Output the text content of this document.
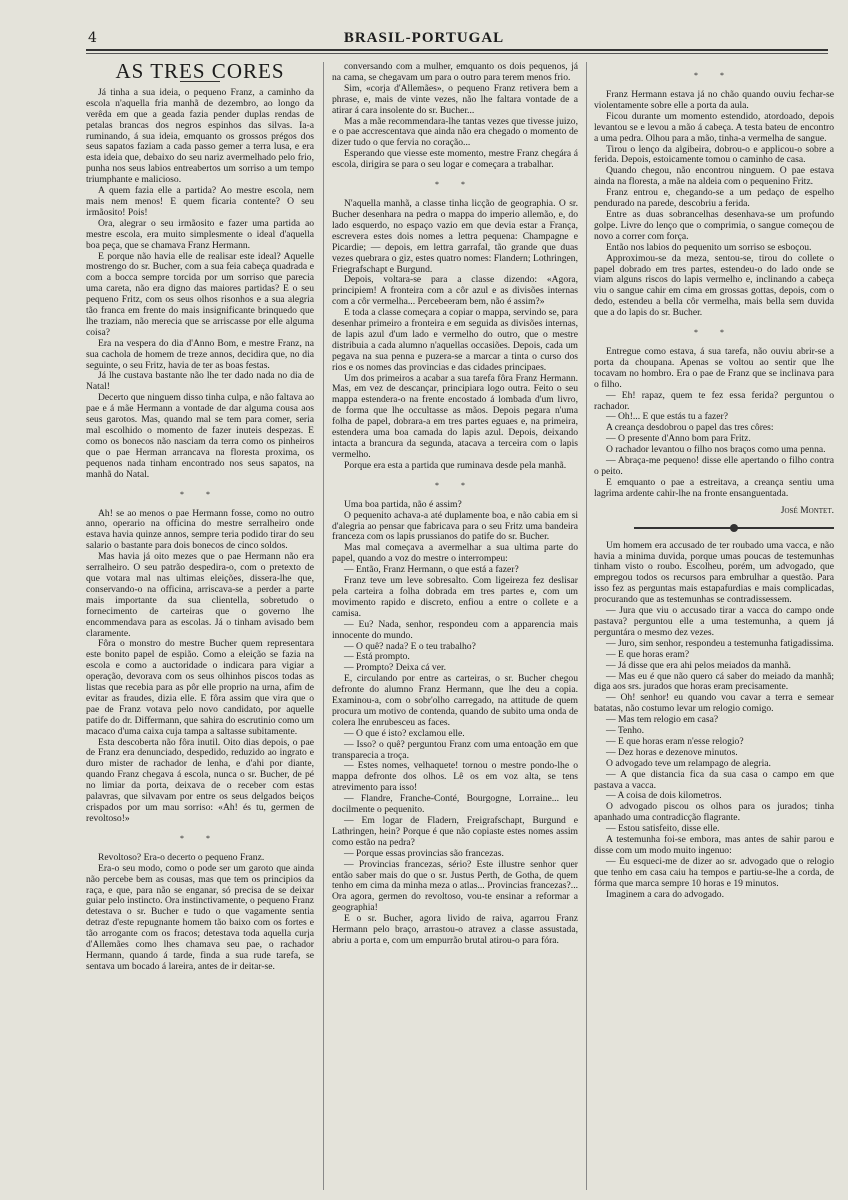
4	BRASIL-PORTUGAL
AS TRES CORES

Já tinha a sua ideia, o pequeno Franz, a caminho da escola n'aquella fria manhã de dezembro, ao longo da verêda em que a geada fazia pender duplas rendas de petalas brancas dos negros espinhos das silvas. Ia-a ruminando, á sua ideia, emquanto os grossos prégos dos seus sapatos faziam a cada passo gemer a terra lusa, e era esta ideia que, debaixo do seu nariz avermelhado pelo frio, punha nos seus labios entreabertos um sorriso a um tempo triumphante e malicioso.

A quem fazia elle a partida? Ao mestre escola, nem mais nem menos! E quem ficaria contente? O seu irmãosito! Pois!

Ora, alegrar o seu irmãosito e fazer uma partida ao mestre escola, era muito simplesmente o ideal d'aquella boa peça, que se chamava Franz Hermann.

E porque não havia elle de realisar este ideal? Aquelle mostrengo do sr. Bucher, com a sua feia cabeça quadrada e com a bocca sempre torcida por um sorriso que parecia uma careta, não era digno das maiores partidas? E o seu pequeno Fritz, com os seus olhos risonhos e a sua alegria tão franca em frente do mais insignificante brinquedo que lhe traziam, não merecia que se arriscasse por elle alguma coisa?

Era na vespera do dia d'Anno Bom, e mestre Franz, na sua cachola de homem de treze annos, decidira que, no dia seguinte, o seu Fritz, havia de ter as boas festas.

Já lhe custava bastante não lhe ter dado nada no dia de Natal!

Decerto que ninguem disso tinha culpa, e não faltava ao pae e á mãe Hermann a vontade de dar alguma cousa aos seus garotos. Mas, quando mal se tem para comer, seria mal escolhido o momento de fazer inuteis despezas. E como os bonecos não nasciam da terra como os pinheiros que o pae Herman arrancava na floresta proxima, os pequenos nada tinham encontrado nos seus sapatos, na manhã do Natal.

* *

Ah! se ao menos o pae Hermann fosse, como no outro anno, operario na officina do mestre serralheiro onde estava havia quinze annos, sempre teria podido tirar do seu salario o bastante para dois bonecos de cinco soldos.

Mas havia já oito mezes que o pae Hermann não era serralheiro. O seu patrão despedira-o, com o pretexto de que votara mal nas ultimas eleições, dissera-lhe que, conservando-o na officina, arriscava-se a perder a parte mais importante da sua clientella, sobretudo o fornecimento de carteiras que o governo lhe encommendava para as escolas. Já o tinham avisado bem claramente.

Fôra o monstro do mestre Bucher quem representara este bonito papel de espião. Como a eleição se fazia na escola e como a auctoridade o indicara para vigiar a operação, devorava com os seus olhinhos piscos todas as listas que recebia para as pôr elle proprio na urna, afim de evitar as fraudes, dizia elle. E fôra assim que vira que o pae de Franz votava pelo novo candidato, por aquelle patife do dr. Differmann, que sahira do escrutinio como um macaco d'uma caixa cuja tampa a saltasse subitamente.

Esta descoberta não fôra inutil. Oito dias depois, o pae de Franz era denunciado, despedido, reduzido ao ingrato e duro mister de rachador de lenha, e d'ahi por diante, quando Franz chegava á escola, nunca o sr. Bucher, de pé no limiar da porta, deixava de o receber com estas palavras, que silvavam por entre os seus delgados beiços crispados por um mau sorriso: «Ah! és tu, germen de revoltoso!»

* *

Revoltoso? Era-o decerto o pequeno Franz.

Era-o seu modo, como o pode ser um garoto que ainda não percebe bem as cousas, mas que tem os principios da raça, e que, para não se enganar, só precisa de se deixar guiar pelo instincto. Ora instinctivamente, o pequeno Franz detestava o sr. Bucher e tudo o que vagamente sentia detraz d'este repugnante homem tão baixo com os fortes e tão arrogante com os fracos; detestava toda aquella curja d'Allemães como lhes chamava seu pae, o rachador Hermann, quando á tarde, finda a sua rude tarefa, se sentava um bocado á lareira, antes de ir deitar-se.

conversando com a mulher, emquanto os dois pequenos, já na cama, se chegavam um para o outro para terem menos frio.

Sim, «corja d'Allemães», o pequeno Franz retivera bem a phrase, e, mais de vinte vezes, não lhe faltara vontade de a atirar á cara insolente do sr. Bucher...

Mas a mãe recommendara-lhe tantas vezes que tivesse juizo, e o pae accrescentava que ainda não era chegado o momento de dizer tudo o que fervia no coração...

Esperando que viesse este momento, mestre Franz chegára á escola, dirigira se para o seu logar e começara a trabalhar.

* *

N'aquella manhã, a classe tinha licção de geographia. O sr. Bucher desenhara na pedra o mappa do imperio allemão, e, do lado esquerdo, no espaço vazio em que devia estar a França, escrevera estes dois nomes a lettra pequena: Champagne e Picardie; — depois, em lettra garrafal, tão grande que duas vezes quebrara o giz, estes quatro nomes: Flandern; Lothringen, Friegrafschapt e Burgund.

Depois, voltara-se para a classe dizendo: «Agora, principiem! A fronteira com a côr azul e as divisões internas com a côr vermelha... Percebeeram bem, não é assim?»

E toda a classe começara a copiar o mappa, servindo se, para desenhar primeiro a fronteira e em seguida as divisões internas, de lapis azul d'um lado e vermelho do outro, que o mestre distribuia a cada alumno n'aquellas occasiões. Depois, cada um pegava na sua penna e puzera-se a marcar a tinta o curso dos rios e os nomes das provincias e das cidades principaes.

Um dos primeiros a acabar a sua tarefa fôra Franz Hermann. Mas, em vez de descançar, principiara logo outra. Feito o seu mappa estendera-o na frente encostado á lombada d'um livro, de forma que lhe occultasse as mãos. Depois pegara n'uma folha de papel, dobrara-a em tres partes eguaes e, na primeira, estendera uma boa camada do lapis azul. Depois, deixando intacta a brancura da segunda, atacava a terceira com o lapis vermelho.

Porque era esta a partida que ruminava desde pela manhã.

* *

Uma boa partida, não é assim?

O pequenito achava-a até duplamente boa, e não cabia em si d'alegria ao pensar que fabricava para o seu Fritz uma bandeira franceza com os lapis prussianos do patife do sr. Bucher.

Mas mal começava a avermelhar a sua ultima parte do papel, quando a voz do mestre o interrompeu:

— Então, Franz Hermann, o que está a fazer?

Franz teve um leve sobresalto. Com ligeireza fez deslisar pela carteira a folha dobrada em tres partes e, com um movimento rapido e discreto, enfiou a entre o collete e a camisa.

— Eu? Nada, senhor, respondeu com a apparencia mais innocente do mundo.

— O quê? nada? E o teu trabalho?

— Está prompto.

— Prompto? Deixa cá ver.

E, circulando por entre as carteiras, o sr. Bucher chegou defronte do alumno Franz Hermann, que lhe deu a copia. Examinou-a, com o sobr'olho carregado, na attitude de quem procura um motivo de contenda, quando de subito uma onda de colera lhe enrubesceu as faces.

— O que é isto? exclamou elle.

— Isso? o quê? perguntou Franz com uma entoação em que transparecia a troça.

— Estes nomes, velhaquete! tornou o mestre pondo-lhe o mappa defronte dos olhos. Lê os em voz alta, se tens atrevimento para isso!

— Flandre, Franche-Conté, Bourgogne, Lorraine... leu docilmente o pequenito.

— Em logar de Fladern, Freigrafschapt, Burgund e Lathringen, hein? Porque é que não copiaste estes nomes assim como estão na pedra?

— Porque essas provincias são francezas.

— Provincias francezas, sério? Este illustre senhor quer então saber mais do que o sr. Justus Perth, de Gotha, de quem tenho em cima da minha meza o atlas... Provincias francezas?... Ora agora, germen do revoltoso, vou-te ensinar a reformar a geographia!

E o sr. Bucher, agora livido de raiva, agarrou Franz Hermann pelo braço, arrastou-o atravez a classe assustada, abriu a porta e, com um empurrão brutal atirou-o para fóra.

* *

Franz Hermann estava já no chão quando ouviu fechar-se violentamente sobre elle a porta da aula.

Ficou durante um momento estendido, atordoado, depois levantou se e levou a mão á cabeça. A testa bateu de encontro a uma pedra. Olhou para a mão, tinha-a vermelha de sangue.

Tirou o lenço da algibeira, dobrou-o e applicou-o sobre a ferida. Depois, estoicamente tomou o caminho de casa.

Quando chegou, não encontrou ninguem. O pae estava ainda na floresta, a mãe na aldeia com o pequenino Fritz.

Franz entrou e, chegando-se a um pedaço de espelho pendurado na parede, descobriu a ferida.

Entre as duas sobrancelhas desenhava-se um profundo golpe. Livre do lenço que o comprimia, o sangue começou de novo a correr com força.

Então nos labios do pequenito um sorriso se esboçou.

Approximou-se da meza, sentou-se, tirou do collete o papel dobrado em tres partes, estendeu-o do lado onde se viam alguns riscos do lapis vermelho e, inclinando a cabeça viu o sangue cahir em cima em grossas gottas, depois, com o dedo, estendeu a bella côr vermelha, mais bella sem duvida que a do lapis do sr. Bucher.

* *

Entregue como estava, á sua tarefa, não ouviu abrir-se a porta da choupana. Apenas se voltou ao sentir que lhe tocavam no hombro. Era o pae de Franz que se inclinava para o filho.

— Eh! rapaz, quem te fez essa ferida? perguntou o rachador.

— Oh!... E que estás tu a fazer?

A creança desdobrou o papel das tres côres:

— O presente d'Anno bom para Fritz.

O rachador levantou o filho nos braços como uma penna.

— Abraça-me pequeno! disse elle apertando o filho contra o peito.

E emquanto o pae a estreitava, a creança sentiu uma lagrima ardente cahir-lhe na fronte ensanguentada.

José Montet.

Um homem era accusado de ter roubado uma vacca, e não havia a minima duvida, porque umas poucas de testemunhas tinham visto o roubo. Escolheu, porém, um advogado, que empregou todos os recursos para embrulhar a questão. Para isso fez as perguntas mais estapafurdias e mais complicadas, procurando que as testemunhas se contradissessem.

— Jura que viu o accusado tirar a vacca do campo onde pastava? perguntou elle a uma testemunha, a quem já perguntára o mesmo dez vezes.

— Juro, sim senhor, respondeu a testemunha fatigadissima.

— E que horas eram?

— Já disse que era ahi pelos meiados da manhã.

— Mas eu é que não quero cá saber do meiado da manhã; diga aos srs. jurados que horas eram precisamente.

— Oh! senhor! eu quando vou cavar a terra e semear batatas, não costumo levar um relogio comigo.

— Mas tem relogio em casa?

— Tenho.

— E que horas eram n'esse relogio?

— Dez horas e dezenove minutos.

O advogado teve um relampago de alegria.

— A que distancia fica da sua casa o campo em que pastava a vacca.

— A coisa de dois kilometros.

O advogado piscou os olhos para os jurados; tinha apanhado uma contradicção flagrante.

— Estou satisfeito, disse elle.

A testemunha foi-se embora, mas antes de sahir parou e disse com um modo muito ingenuo:

— Eu esqueci-me de dizer ao sr. advogado que o relogio que tenho em casa caiu ha tempos e partiu-se-lhe a corda, de fórma que marca sempre 10 horas e 19 minutos.

Imaginem a cara do advogado.
